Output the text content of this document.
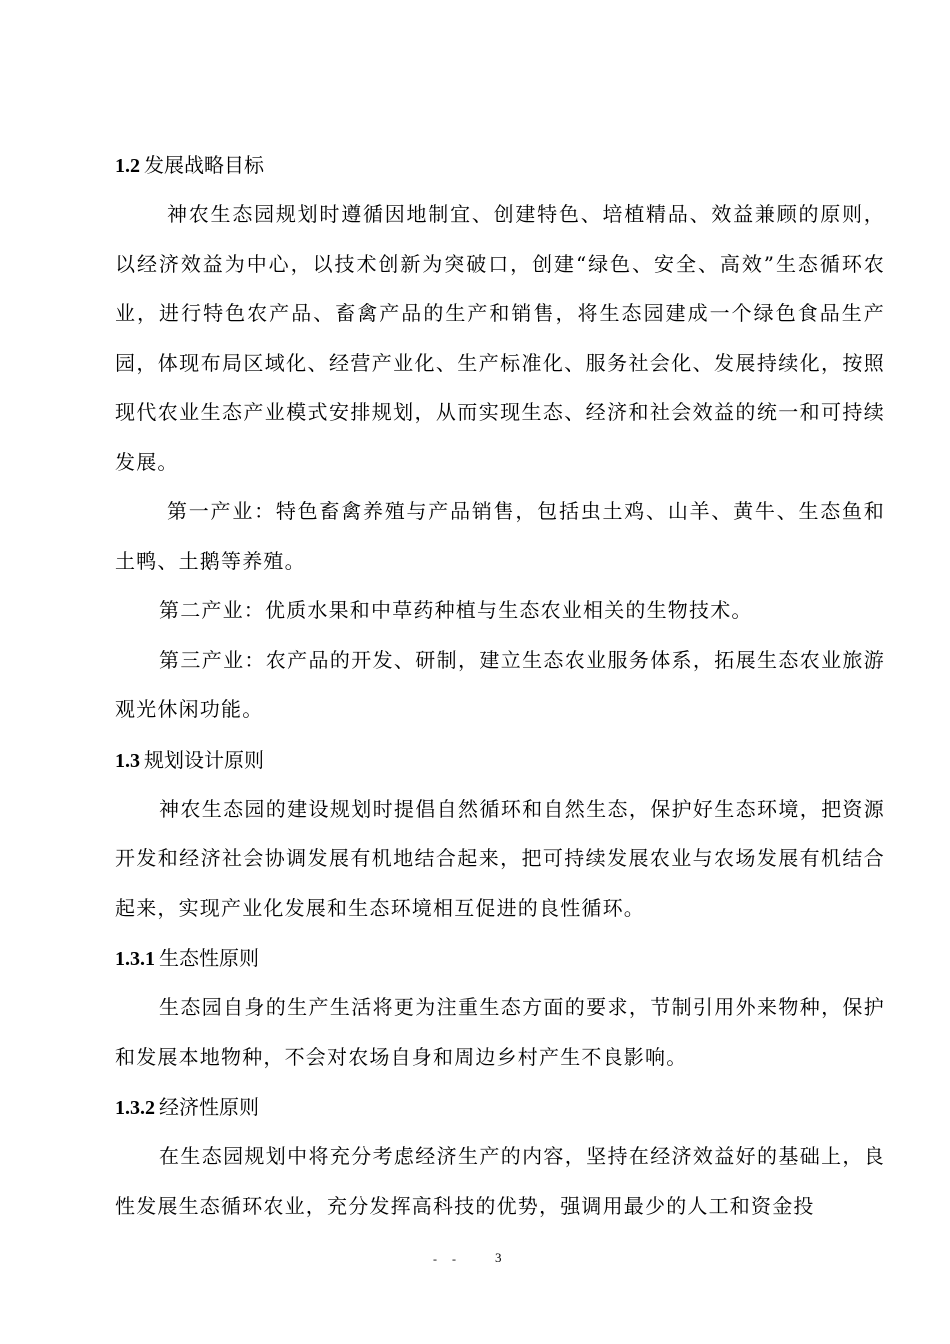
1.2 发展战略目标

神农生态园规划时遵循因地制宜、创建特色、培植精品、效益兼顾的原则，以经济效益为中心，以技术创新为突破口，创建“绿色、安全、高效”生态循环农业，进行特色农产品、畜禽产品的生产和销售，将生态园建成一个绿色食品生产园，体现布局区域化、经营产业化、生产标准化、服务社会化、发展持续化，按照现代农业生态产业模式安排规划，从而实现生态、经济和社会效益的统一和可持续发展。

第一产业：特色畜禽养殖与产品销售，包括虫土鸡、山羊、黄牛、生态鱼和土鸭、土鹅等养殖。

第二产业：优质水果和中草药种植与生态农业相关的生物技术。

第三产业：农产品的开发、研制，建立生态农业服务体系，拓展生态农业旅游观光休闲功能。

1.3 规划设计原则

神农生态园的建设规划时提倡自然循环和自然生态，保护好生态环境，把资源开发和经济社会协调发展有机地结合起来，把可持续发展农业与农场发展有机结合起来，实现产业化发展和生态环境相互促进的良性循环。

1.3.1 生态性原则

生态园自身的生产生活将更为注重生态方面的要求，节制引用外来物种，保护和发展本地物种，不会对农场自身和周边乡村产生不良影响。

1.3.2 经济性原则

在生态园规划中将充分考虑经济生产的内容，坚持在经济效益好的基础上，良性发展生态循环农业，充分发挥高科技的优势，强调用最少的人工和资金投

- -	3
